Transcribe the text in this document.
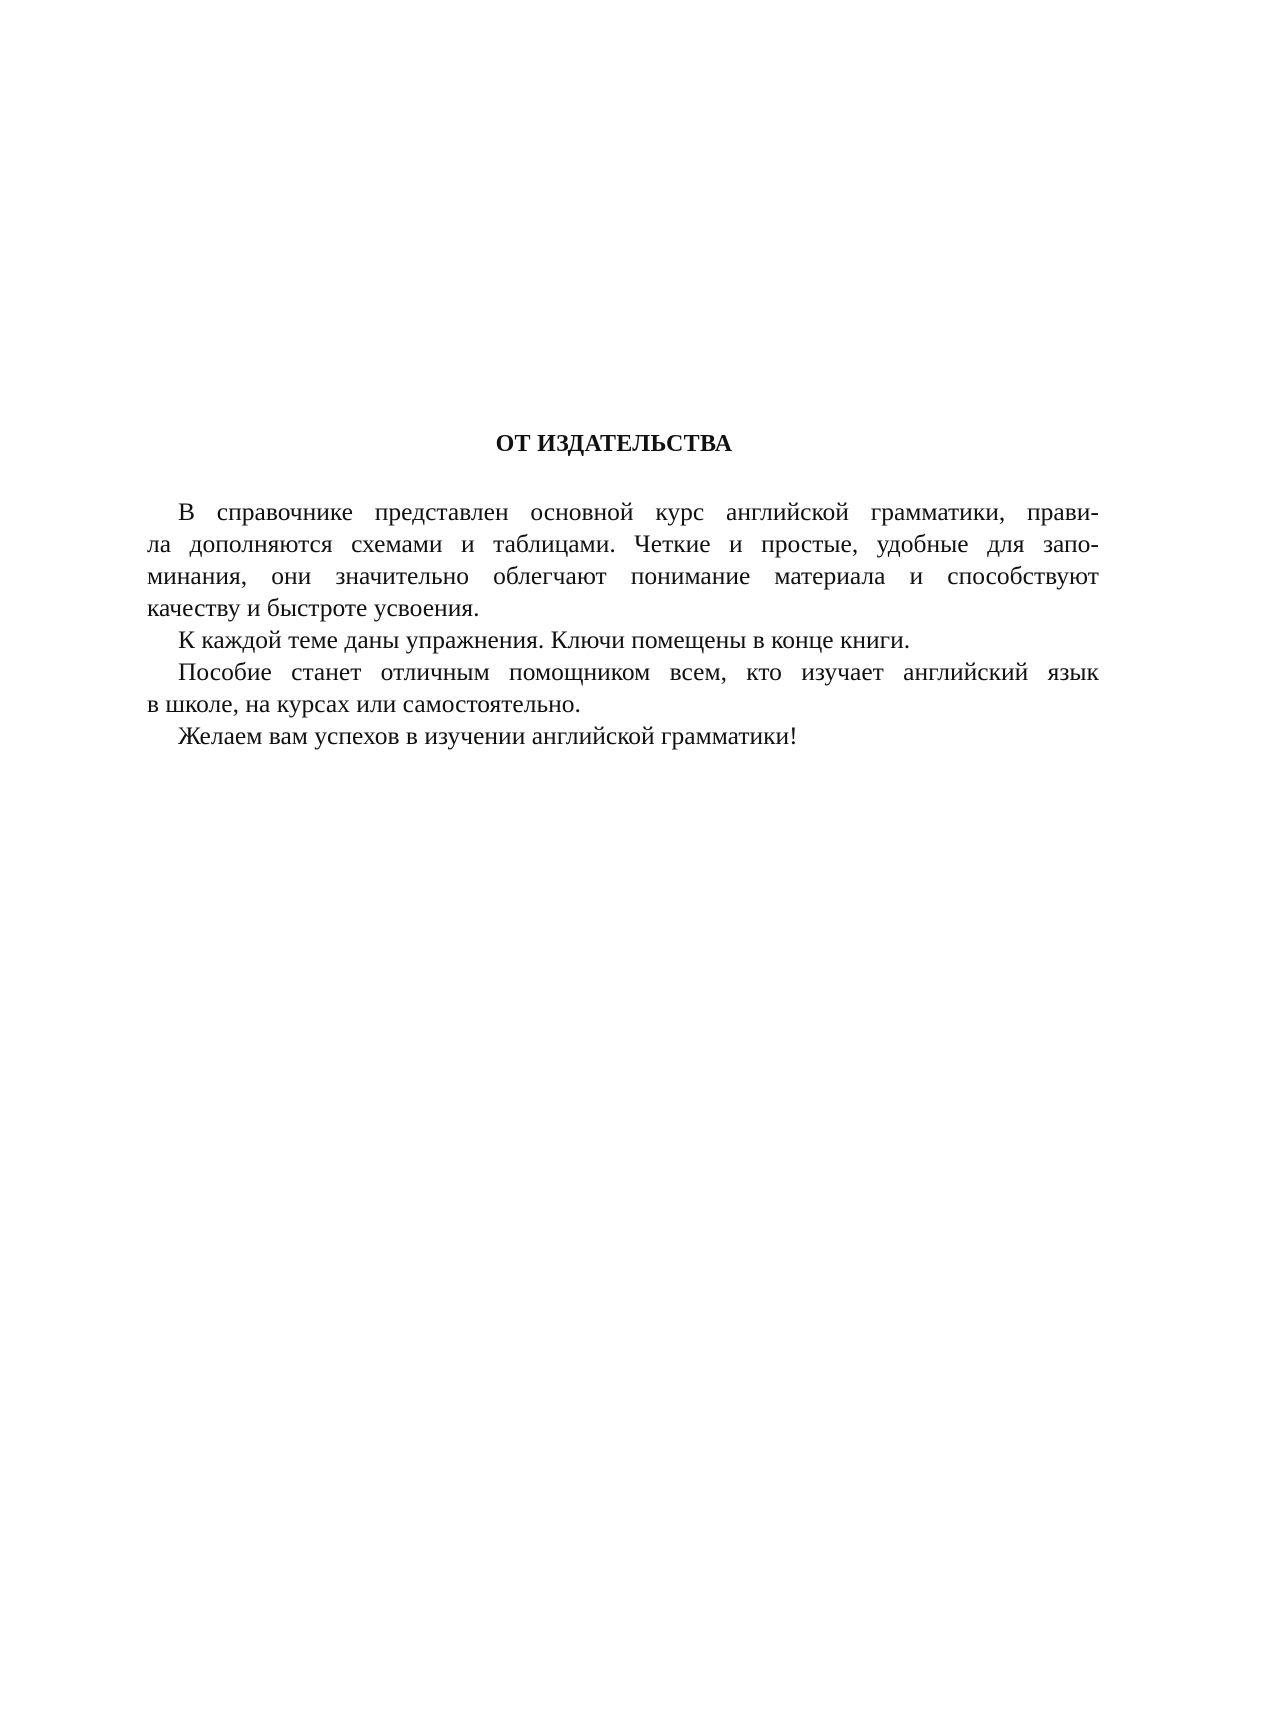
ОТ ИЗДАТЕЛЬСТВА
В справочнике представлен основной курс английской грамматики, прави-
ла дополняются схемами и таблицами. Четкие и простые, удобные для запо-
минания, они значительно облегчают понимание материала и способствуют
качеству и быстроте усвоения.
К каждой теме даны упражнения. Ключи помещены в конце книги.
Пособие станет отличным помощником всем, кто изучает английский язык
в школе, на курсах или самостоятельно.
Желаем вам успехов в изучении английской грамматики!
